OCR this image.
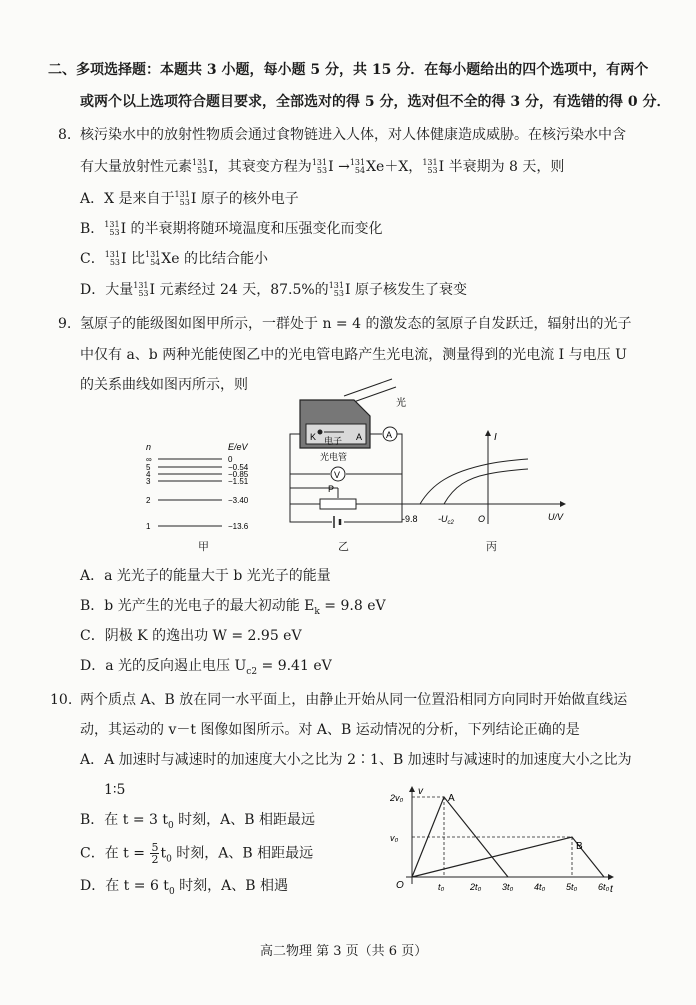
二、多项选择题：本题共 3 小题，每小题 5 分，共 15 分．在每小题给出的四个选项中，有两个
或两个以上选项符合题目要求，全部选对的得 5 分，选对但不全的得 3 分，有选错的得 0 分．
8. 核污染水中的放射性物质会通过食物链进入人体，对人体健康造成威胁。在核污染水中含
有大量放射性元素 131
53 I，其衰变方程为 131
53 I → 131
54 Xe＋X， 131
53 I 半衰期为 8 天，则
A．X 是来自于 131
53 I 原子的核外电子
B． 131
53 I 的半衰期将随环境温度和压强变化而变化
C． 131
53 I 比 131
54 Xe 的比结合能小
D．大量 131
53 I 元素经过 24 天，87.5%的 131
53 I 原子核发生了衰变
9. 氢原子的能级图如图甲所示，一群处于 n = 4 的激发态的氢原子自发跃迁，辐射出的光子
中仅有 a、b 两种光能使图乙中的光电管电路产生光电流，测量得到的光电流 I 与电压 U
的关系曲线如图丙所示，则
n	E/eV
∞	0
5	−0.54
4	−0.85
3	−1.51
2	−3.40
1	−13.6
甲
光
K	A
电子
光电管
A
V
P
乙
I
U/V
-9.8 $-U_{c2}$	O
丙
A．a 光光子的能量大于 b 光光子的能量
B．b 光产生的光电子的最大初动能 $E_k = 9.8$ eV
C．阴极 K 的逸出功 W = 2.95 eV
D．a 光的反向遏止电压 $U_{c2} = 9.41$ eV
10. 两个质点 A、B 放在同一水平面上，由静止开始从同一位置沿相同方向同时开始做直线运
动，其运动的 v－t 图像如图所示。对 A、B 运动情况的分析，下列结论正确的是
A．A 加速时与减速时的加速度大小之比为 2∶1、B 加速时与减速时的加速度大小之比为
1∶5
B．在 t = 3 $t_0$ 时刻，A、B 相距最远
C．在 $t = \frac{5}{2} t_0$ 时刻，A、B 相距最远
D．在 t = 6 $t_0$ 时刻，A、B 相遇
v
t
O
A
B
2v₀
v₀
t₀	2t₀ 3t₀ 4t₀ 5t₀ 6t₀
高二物理 第 3 页（共 6 页）
